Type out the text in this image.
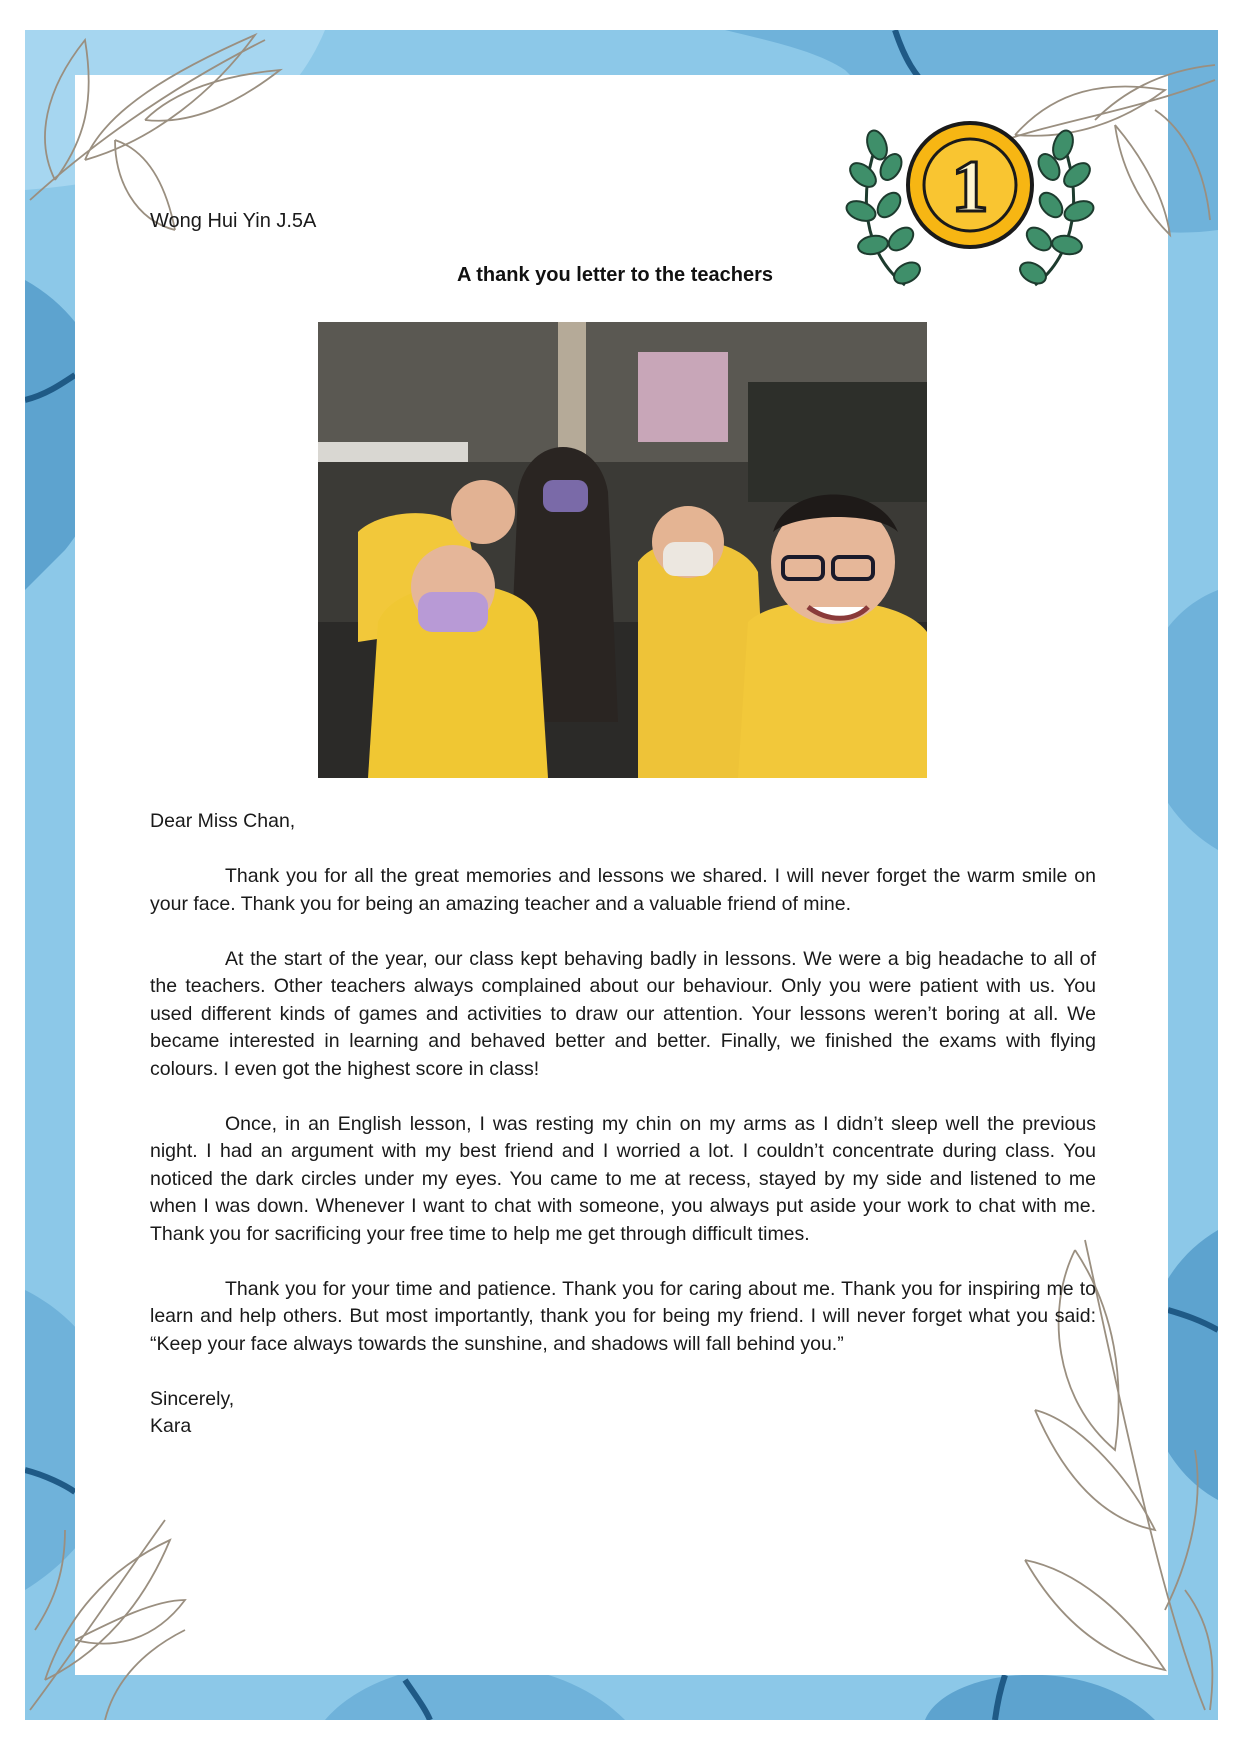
Wong Hui Yin J.5A
A thank you letter to the teachers
1

Dear Miss Chan,

Thank you for all the great memories and lessons we shared. I will never forget the warm smile on your face. Thank you for being an amazing teacher and a valuable friend of mine.

At the start of the year, our class kept behaving badly in lessons. We were a big headache to all of the teachers. Other teachers always complained about our behaviour. Only you were patient with us. You used different kinds of games and activities to draw our attention. Your lessons weren’t boring at all. We became interested in learning and behaved better and better. Finally, we finished the exams with flying colours. I even got the highest score in class!

Once, in an English lesson, I was resting my chin on my arms as I didn’t sleep well the previous night. I had an argument with my best friend and I worried a lot. I couldn’t concentrate during class. You noticed the dark circles under my eyes. You came to me at recess, stayed by my side and listened to me when I was down. Whenever I want to chat with someone, you always put aside your work to chat with me. Thank you for sacrificing your free time to help me get through difficult times.

Thank you for your time and patience. Thank you for caring about me. Thank you for inspiring me to learn and help others. But most importantly, thank you for being my friend. I will never forget what you said: “Keep your face always towards the sunshine, and shadows will fall behind you.”

Sincerely,
Kara
